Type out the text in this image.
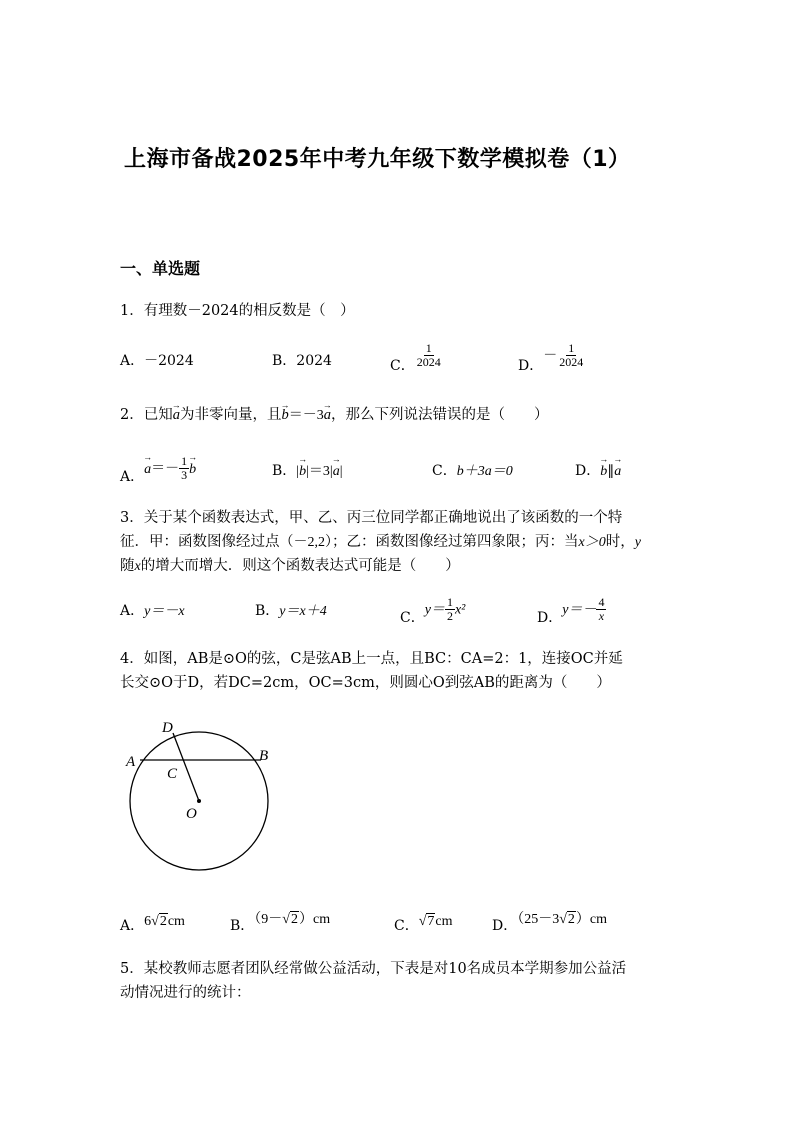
上海市备战2025年中考九年级下数学模拟卷（1）
一、单选题
1．有理数－2024的相反数是（　）
A．－2024	B．2024	C． $\frac{1}{2024}$	D．－ $\frac{1}{2024}$
2．已知→ a为非零向量，且→ b＝－3→ a，那么下列说法错误的是（　　）
A．→ $a=- \frac{1}{3}$
→ b	B．|→ b|＝3|→ a|	C．b＋3a＝0	D．→ b∥→ a
3．关于某个函数表达式，甲、乙、丙三位同学都正确地说出了该函数的一个特
征．甲：函数图像经过点（－2,2）；乙：函数图像经过第四象限；丙：当x＞0时，y
随x的增大而增大．则这个函数表达式可能是（　　）
A．y＝－x	B．y＝x＋4	C．$y= \frac{1}{2} x^2$	D．$y=- \frac{4}{x}$
4．如图，AB是⊙O的弦，C是弦AB上一点，且BC：CA=2：1，连接OC并延
长交⊙O于D，若DC=2cm，OC=3cm，则圆心O到弦AB的距离为（　　）
D
A	B
C
O
A．6√2cm	B．（9－√2）cm	C．√7cm	D．（25－3√2）cm
5．某校教师志愿者团队经常做公益活动，下表是对10名成员本学期参加公益活
动情况进行的统计：
